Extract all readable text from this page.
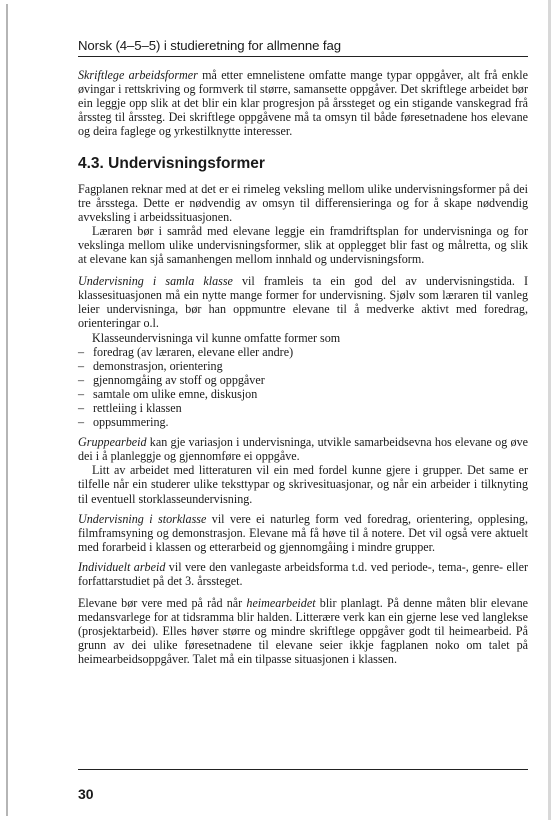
Norsk (4–5–5) i studieretning for allmenne fag

Skriftlege arbeidsformer må etter emnelistene omfatte mange typar oppgåver, alt frå enkle øvingar i rettskriving og formverk til større, samansette oppgåver. Det skriftlege arbeidet bør ein leggje opp slik at det blir ein klar progresjon på årssteget og ein stigande vanskegrad frå årssteg til årssteg. Dei skriftlege oppgåvene må ta omsyn til både føresetnadene hos elevane og deira faglege og yrkestilknytte interesser.

4.3. Undervisningsformer

Fagplanen reknar med at det er ei rimeleg veksling mellom ulike undervisningsformer på dei tre årsstega. Dette er nødvendig av omsyn til differensieringa og for å skape nødvendig avveksling i arbeidssituasjonen.

Læraren bør i samråd med elevane leggje ein framdriftsplan for undervisninga og for vekslinga mellom ulike undervisningsformer, slik at opplegget blir fast og målretta, og slik at elevane kan sjå samanhengen mellom innhald og undervisningsform.

Undervisning i samla klasse vil framleis ta ein god del av undervisningstida. I klassesituasjonen må ein nytte mange former for undervisning. Sjølv som læraren til vanleg leier undervisninga, bør han oppmuntre elevane til å medverke aktivt med foredrag, orienteringar o.l.

Klasseundervisninga vil kunne omfatte former som

– foredrag (av læraren, elevane eller andre)
– demonstrasjon, orientering
– gjennomgåing av stoff og oppgåver
– samtale om ulike emne, diskusjon
– rettleiing i klassen
– oppsummering.

Gruppearbeid kan gje variasjon i undervisninga, utvikle samarbeidsevna hos elevane og øve dei i å planleggje og gjennomføre ei oppgåve.

Litt av arbeidet med litteraturen vil ein med fordel kunne gjere i grupper. Det same er tilfelle når ein studerer ulike teksttypar og skrivesituasjonar, og når ein arbeider i tilknyting til eventuell storklasseundervisning.

Undervisning i storklasse vil vere ei naturleg form ved foredrag, orientering, opplesing, filmframsyning og demonstrasjon. Elevane må få høve til å notere. Det vil også vere aktuelt med forarbeid i klassen og etterarbeid og gjennomgåing i mindre grupper.

Individuelt arbeid vil vere den vanlegaste arbeidsforma t.d. ved periode-, tema-, genre- eller forfattarstudiet på det 3. årssteget.

Elevane bør vere med på råd når heimearbeidet blir planlagt. På denne måten blir elevane medansvarlege for at tidsramma blir halden. Litterære verk kan ein gjerne lese ved langlekse (prosjektarbeid). Elles høver større og mindre skriftlege oppgåver godt til heimearbeid. På grunn av dei ulike føresetnadene til elevane seier ikkje fagplanen noko om talet på heimearbeidsoppgåver. Talet må ein tilpasse situasjonen i klassen.

30
